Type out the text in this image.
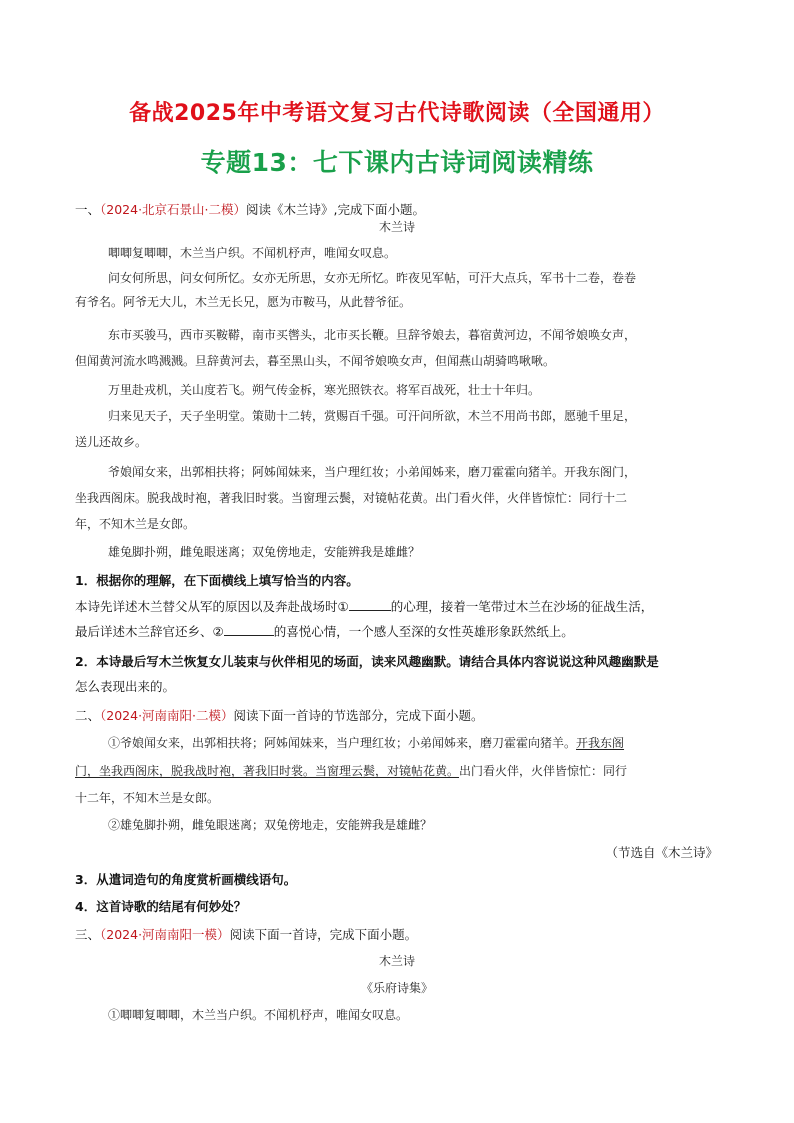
备战2025年中考语文复习古代诗歌阅读（全国通用）
专题13：七下课内古诗词阅读精练
一、（2024·北京石景山·二模）阅读《木兰诗》,完成下面小题。
木兰诗
唧唧复唧唧，木兰当户织。不闻机杼声，唯闻女叹息。
问女何所思，问女何所忆。女亦无所思，女亦无所忆。昨夜见军帖，可汗大点兵，军书十二卷，卷卷
有爷名。阿爷无大儿，木兰无长兄，愿为市鞍马，从此替爷征。
东市买骏马，西市买鞍鞯，南市买辔头，北市买长鞭。旦辞爷娘去，暮宿黄河边，不闻爷娘唤女声，
但闻黄河流水鸣溅溅。旦辞黄河去，暮至黑山头，不闻爷娘唤女声，但闻燕山胡骑鸣啾啾。
万里赴戎机，关山度若飞。朔气传金柝，寒光照铁衣。将军百战死，壮士十年归。
归来见天子，天子坐明堂。策勋十二转，赏赐百千强。可汗问所欲，木兰不用尚书郎，愿驰千里足，
送儿还故乡。
爷娘闻女来，出郭相扶将；阿姊闻妹来，当户理红妆；小弟闻姊来，磨刀霍霍向猪羊。开我东阁门，
坐我西阁床。脱我战时袍，著我旧时裳。当窗理云鬓，对镜帖花黄。出门看火伴，火伴皆惊忙：同行十二
年，不知木兰是女郎。
雄兔脚扑朔，雌兔眼迷离；双兔傍地走，安能辨我是雄雌？
1．根据你的理解，在下面横线上填写恰当的内容。
本诗先详述木兰替父从军的原因以及奔赴战场时①	的心理，接着一笔带过木兰在沙场的征战生活，
最后详述木兰辞官还乡、②	的喜悦心情，一个感人至深的女性英雄形象跃然纸上。
2．本诗最后写木兰恢复女儿装束与伙伴相见的场面，读来风趣幽默。请结合具体内容说说这种风趣幽默是
怎么表现出来的。
二、（2024·河南南阳·二模）阅读下面一首诗的节选部分，完成下面小题。
①爷娘闻女来，出郭相扶将；阿姊闻妹来，当户理红妆；小弟闻姊来，磨刀霍霍向猪羊。开我东阁
门，坐我西阁床，脱我战时袍，著我旧时裳。当窗理云鬓，对镜帖花黄。出门看火伴，火伴皆惊忙：同行
十二年，不知木兰是女郎。
②雄兔脚扑朔，雌兔眼迷离；双兔傍地走，安能辨我是雄雌？
（节选自《木兰诗》
3．从遣词造句的角度赏析画横线语句。
4．这首诗歌的结尾有何妙处？
三、（2024·河南南阳一模）阅读下面一首诗，完成下面小题。
木兰诗
《乐府诗集》
①唧唧复唧唧，木兰当户织。不闻机杼声，唯闻女叹息。
